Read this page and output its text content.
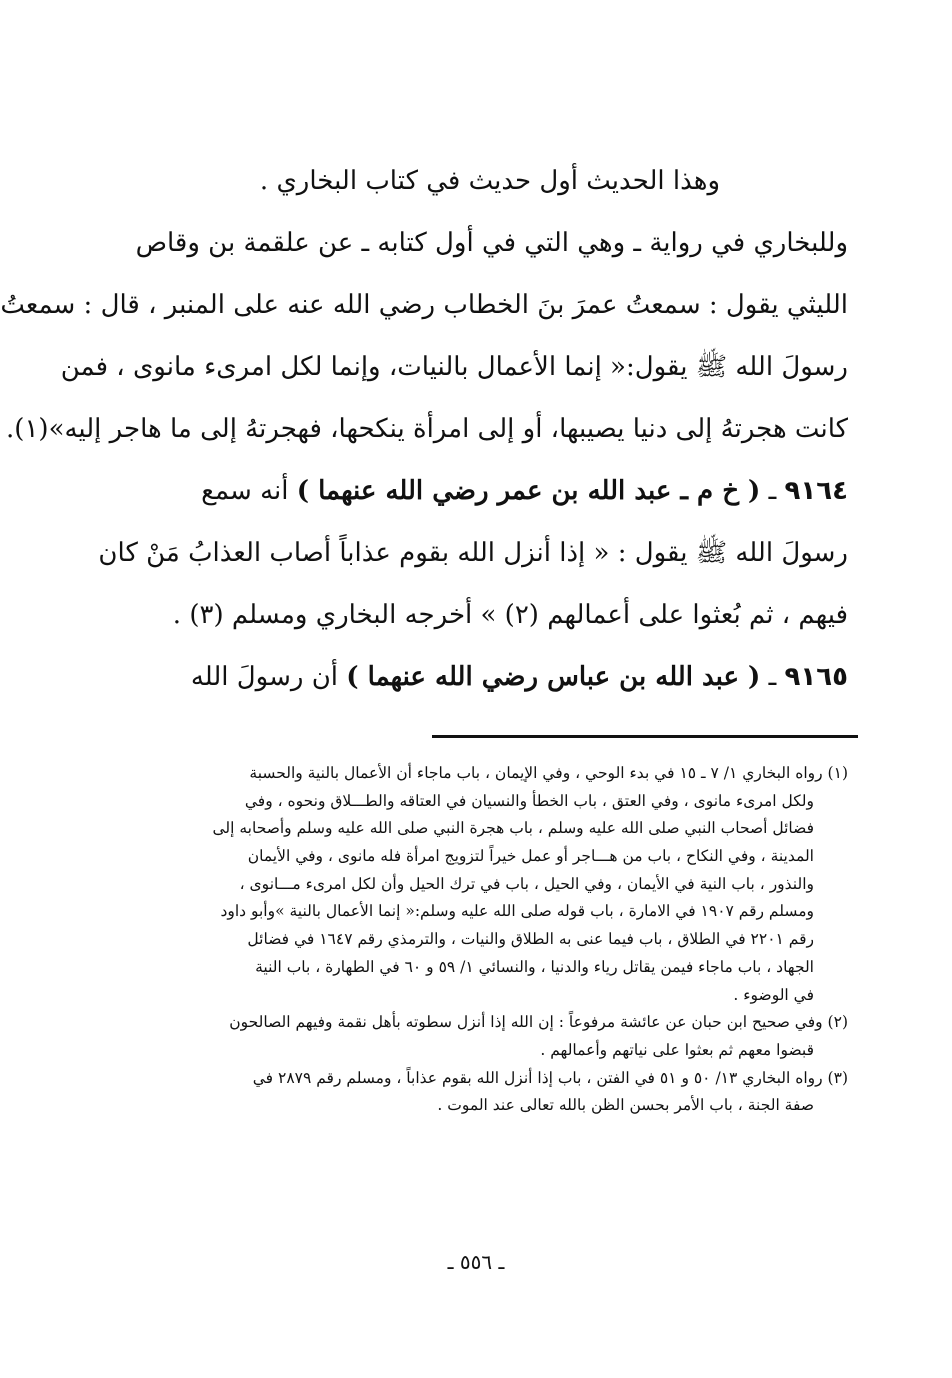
وهذا الحديث أول حديث في كتاب البخاري .
وللبخاري في رواية ـ وهي التي في أول كتابه ـ عن علقمة بن وقاص
الليثي يقول : سمعتُ عمرَ بنَ الخطاب رضي الله عنه على المنبر ، قال : سمعتُ
رسولَ الله ﷺ يقول:« إنما الأعمال بالنيات، وإنما لكل امرىء مانوى ، فمن
كانت هجرتهُ إلى دنيا يصيبها، أو إلى امرأة ينكحها، فهجرتهُ إلى ما هاجر إليه»(١).
٩١٦٤ ـ ( خ م ـ عبد الله بن عمر رضي الله عنهما ) أنه سمع
رسولَ الله ﷺ يقول : « إذا أنزل الله بقوم عذاباً أصاب العذابُ مَنْ كان
فيهم ، ثم بُعثوا على أعمالهم (٢) » أخرجه البخاري ومسلم (٣) .
٩١٦٥ ـ ( عبد الله بن عباس رضي الله عنهما ) أن رسولَ الله
(١) رواه البخاري ١/ ٧ ـ ١٥ في بدء الوحي ، وفي الإيمان ، باب ماجاء أن الأعمال بالنية والحسبة
ولكل امرىء مانوى ، وفي العتق ، باب الخطأ والنسيان في العتاقه والطـــلاق ونحوه ، وفي
فضائل أصحاب النبي صلى الله عليه وسلم ، باب هجرة النبي صلى الله عليه وسلم وأصحابه إلى
المدينة ، وفي النكاح ، باب من هـــاجر أو عمل خيراً لتزويج امرأة فله مانوى ، وفي الأيمان
والنذور ، باب النية في الأيمان ، وفي الحيل ، باب في ترك الحيل وأن لكل امرىء مـــانوى ،
ومسلم رقم ١٩٠٧ في الامارة ، باب قوله صلى الله عليه وسلم:« إنما الأعمال بالنية »وأبو داود
رقم ٢٢٠١ في الطلاق ، باب فيما عنى به الطلاق والنيات ، والترمذي رقم ١٦٤٧ في فضائل
الجهاد ، باب ماجاء فيمن يقاتل رياء والدنيا ، والنسائي ١/ ٥٩ و ٦٠ في الطهارة ، باب النية
في الوضوء .
(٢) وفي صحيح ابن حبان عن عائشة مرفوعاً : إن الله إذا أنزل سطوته بأهل نقمة وفيهم الصالحون
قبضوا معهم ثم بعثوا على نياتهم وأعمالهم .
(٣) رواه البخاري ١٣/ ٥٠ و ٥١ في الفتن ، باب إذا أنزل الله بقوم عذاباً ، ومسلم رقم ٢٨٧٩ في
صفة الجنة ، باب الأمر بحسن الظن بالله تعالى عند الموت .
ـ ٥٥٦ ـ
